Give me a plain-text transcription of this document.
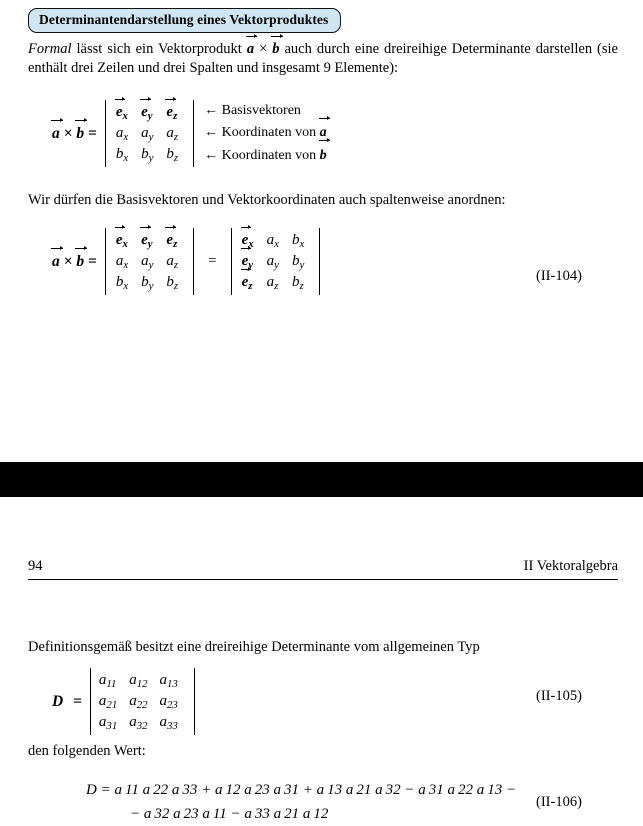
Determinantendarstellung eines Vektorproduktes
Formal lässt sich ein Vektorprodukt a × b auch durch eine dreireihige Determinante darstellen (sie enthält drei Zeilen und drei Spalten und insgesamt 9 Elemente):
a × b =
$e_x$	$e_y$	$e_z$
$a_x$	$a_y$	$a_z$
$b_x$	$b_y$	$b_z$
← Basisvektoren
← Koordinaten von a
← Koordinaten von b
Wir dürfen die Basisvektoren und Vektorkoordinaten auch spaltenweise anordnen:
a × b =
$e_x$	$e_y$	$e_z$
$a_x$	$a_y$	$a_z$
$b_x$	$b_y$	$b_z$
=
$e_x$	$a_x$	$b_x$
$e_y$	$a_y$	$b_y$
$e_z$	$a_z$	$b_z$
(II-104)
94	II Vektoralgebra
Definitionsgemäß besitzt eine dreireihige Determinante vom allgemeinen Typ
D =
$a_{11}$	$a_{12}$	$a_{13}$
$a_{21}$	$a_{22}$	$a_{23}$
$a_{31}$	$a_{32}$	$a_{33}$
(II-105)
den folgenden Wert:
D = a 11 a 22 a 33 + a 12 a 23 a 31 + a 13 a 21 a 32 − a 31 a 22 a 13 −
− a 32 a 23 a 11 − a 33 a 21 a 12
(II-106)
